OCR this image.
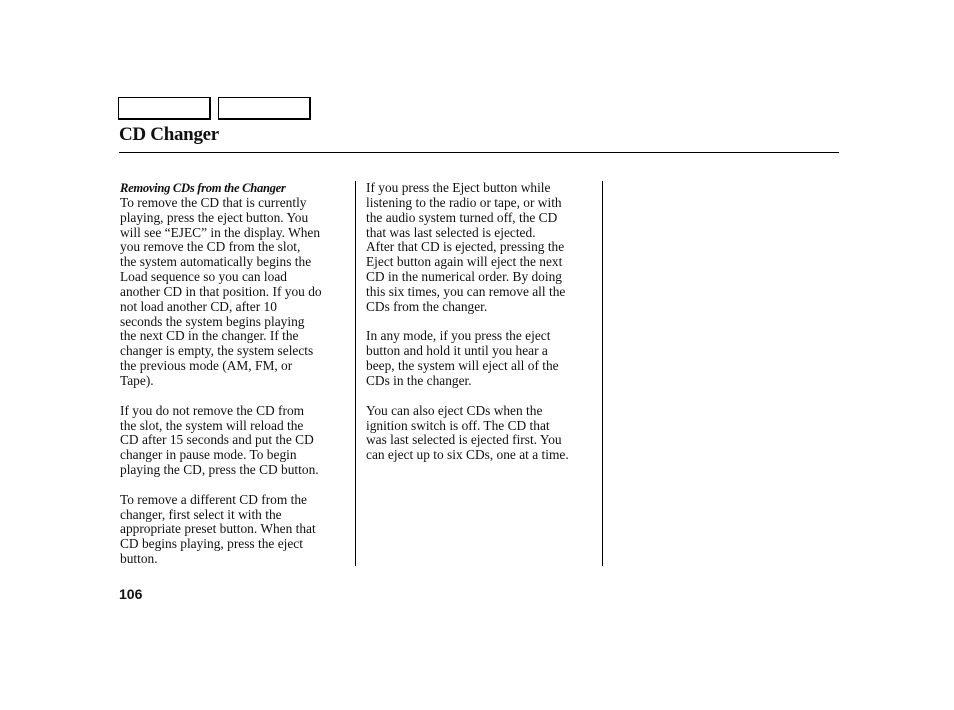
CD Changer
Removing CDs from the Changer

To remove the CD that is currently
playing, press the eject button. You
will see “EJEC” in the display. When
you remove the CD from the slot,
the system automatically begins the
Load sequence so you can load
another CD in that position. If you do
not load another CD, after 10
seconds the system begins playing
the next CD in the changer. If the
changer is empty, the system selects
the previous mode (AM, FM, or
Tape).

If you do not remove the CD from
the slot, the system will reload the
CD after 15 seconds and put the CD
changer in pause mode. To begin
playing the CD, press the CD button.

To remove a different CD from the
changer, first select it with the
appropriate preset button. When that
CD begins playing, press the eject
button.

If you press the Eject button while
listening to the radio or tape, or with
the audio system turned off, the CD
that was last selected is ejected.
After that CD is ejected, pressing the
Eject button again will eject the next
CD in the numerical order. By doing
this six times, you can remove all the
CDs from the changer.

In any mode, if you press the eject
button and hold it until you hear a
beep, the system will eject all of the
CDs in the changer.

You can also eject CDs when the
ignition switch is off. The CD that
was last selected is ejected first. You
can eject up to six CDs, one at a time.

106
